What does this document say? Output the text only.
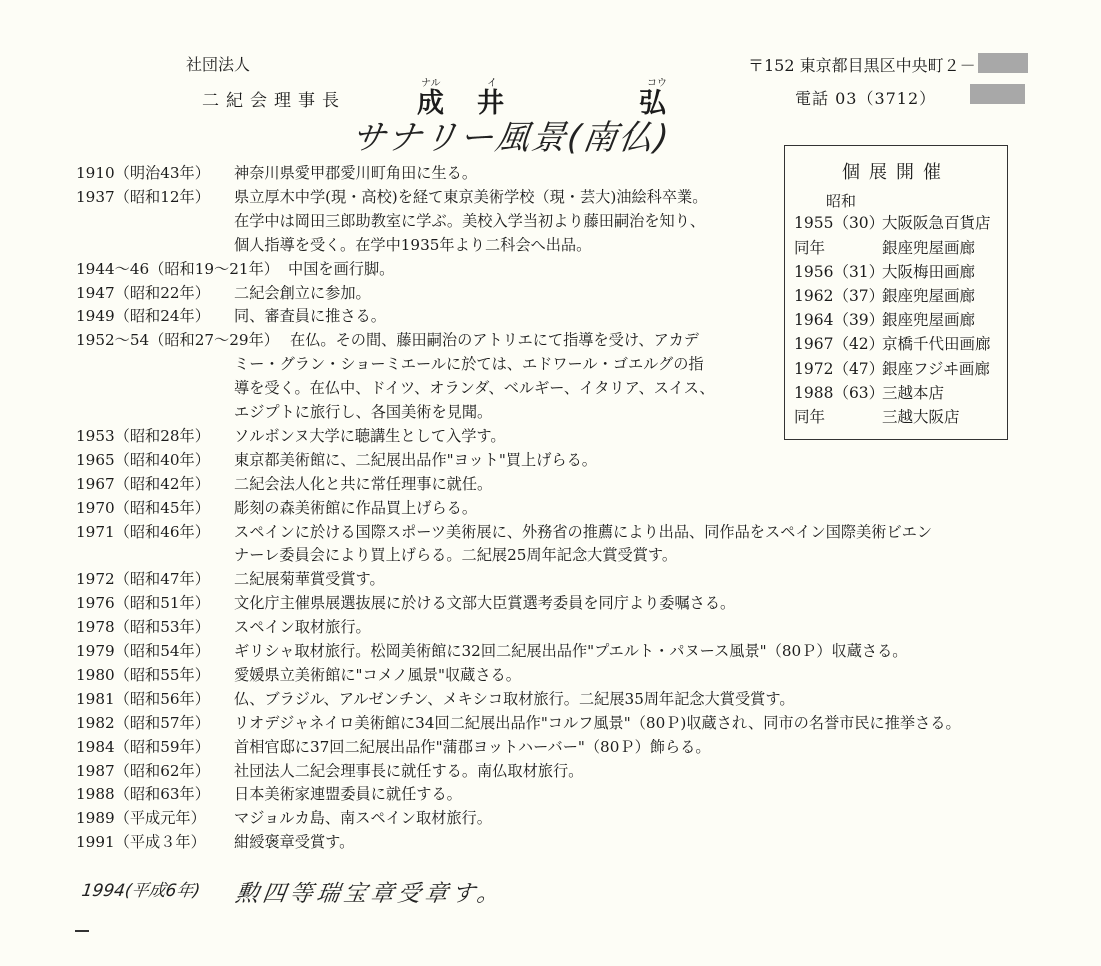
社団法人
二紀会理事長
ナル	イ	コウ
成 井	弘
サナリー風景(南仏)
〒152 東京都目黒区中央町２－
電話 03（3712）
個展開催
昭和
1955（30）大阪阪急百貨店
同年	銀座兜屋画廊
1956（31）大阪梅田画廊
1962（37）銀座兜屋画廊
1964（39）銀座兜屋画廊
1967（42）京橋千代田画廊
1972（47）銀座フジヰ画廊
1988（63）三越本店
同年	三越大阪店
1910（明治43年） 神奈川県愛甲郡愛川町角田に生る。
1937（昭和12年） 県立厚木中学(現・高校)を経て東京美術学校（現・芸大)油絵科卒業。
在学中は岡田三郎助教室に学ぶ。美校入学当初より藤田嗣治を知り、
個人指導を受く。在学中1935年より二科会へ出品。
1944～46（昭和19～21年） 中国を画行脚。
1947（昭和22年） 二紀会創立に参加。
1949（昭和24年） 同、審査員に推さる。
1952～54（昭和27～29年） 在仏。その間、藤田嗣治のアトリエにて指導を受け、アカデ
ミー・グラン・ショーミエールに於ては、エドワール・ゴエルグの指
導を受く。在仏中、ドイツ、オランダ、ベルギー、イタリア、スイス、
エジプトに旅行し、各国美術を見聞。
1953（昭和28年） ソルボンヌ大学に聴講生として入学す。
1965（昭和40年） 東京都美術館に、二紀展出品作"ヨット"買上げらる。
1967（昭和42年） 二紀会法人化と共に常任理事に就任。
1970（昭和45年） 彫刻の森美術館に作品買上げらる。
1971（昭和46年） スペインに於ける国際スポーツ美術展に、外務省の推薦により出品、同作品をスペイン国際美術ビエン
ナーレ委員会により買上げらる。二紀展25周年記念大賞受賞す。
1972（昭和47年） 二紀展菊華賞受賞す。
1976（昭和51年） 文化庁主催県展選抜展に於ける文部大臣賞選考委員を同庁より委嘱さる。
1978（昭和53年） スペイン取材旅行。
1979（昭和54年） ギリシャ取材旅行。松岡美術館に32回二紀展出品作"プエルト・パヌース風景"（80Ｐ）収蔵さる。
1980（昭和55年） 愛媛県立美術館に"コメノ風景"収蔵さる。
1981（昭和56年） 仏、ブラジル、アルゼンチン、メキシコ取材旅行。二紀展35周年記念大賞受賞す。
1982（昭和57年） リオデジャネイロ美術館に34回二紀展出品作"コルフ風景"（80Ｐ)収蔵され、同市の名誉市民に推挙さる。
1984（昭和59年） 首相官邸に37回二紀展出品作"蒲郡ヨットハーバー"（80Ｐ）飾らる。
1987（昭和62年） 社団法人二紀会理事長に就任する。南仏取材旅行。
1988（昭和63年） 日本美術家連盟委員に就任する。
1989（平成元年） マジョルカ島、南スペイン取材旅行。
1991（平成３年） 紺綬褒章受賞す。
1994(平成6年) 勲四等瑞宝章受章す。
